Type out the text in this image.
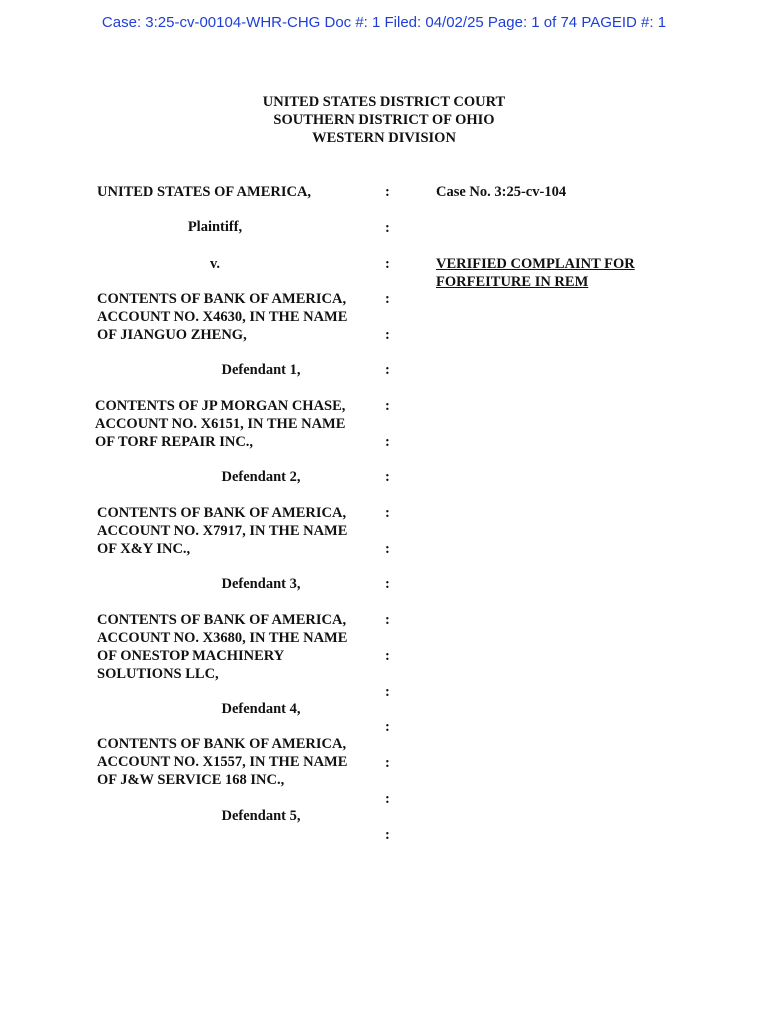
Case: 3:25-cv-00104-WHR-CHG Doc #: 1 Filed: 04/02/25 Page: 1 of 74 PAGEID #: 1
UNITED STATES DISTRICT COURT
SOUTHERN DISTRICT OF OHIO
WESTERN DIVISION
UNITED STATES OF AMERICA,
Plaintiff,
v.
Case No. 3:25-cv-104
VERIFIED COMPLAINT FOR
FORFEITURE IN REM
CONTENTS OF BANK OF AMERICA,
ACCOUNT NO. X4630, IN THE NAME
OF JIANGUO ZHENG,
Defendant 1,
CONTENTS OF JP MORGAN CHASE,
ACCOUNT NO. X6151, IN THE NAME
OF TORF REPAIR INC.,
Defendant 2,
CONTENTS OF BANK OF AMERICA,
ACCOUNT NO. X7917, IN THE NAME
OF X&Y INC.,
Defendant 3,
CONTENTS OF BANK OF AMERICA,
ACCOUNT NO. X3680, IN THE NAME
OF ONESTOP MACHINERY
SOLUTIONS LLC,
Defendant 4,
CONTENTS OF BANK OF AMERICA,
ACCOUNT NO. X1557, IN THE NAME
OF J&W SERVICE 168 INC.,
Defendant 5,
:
:
:
:
:
:
:
:
:
:
:
:
:
:
:
:
:
:
:
